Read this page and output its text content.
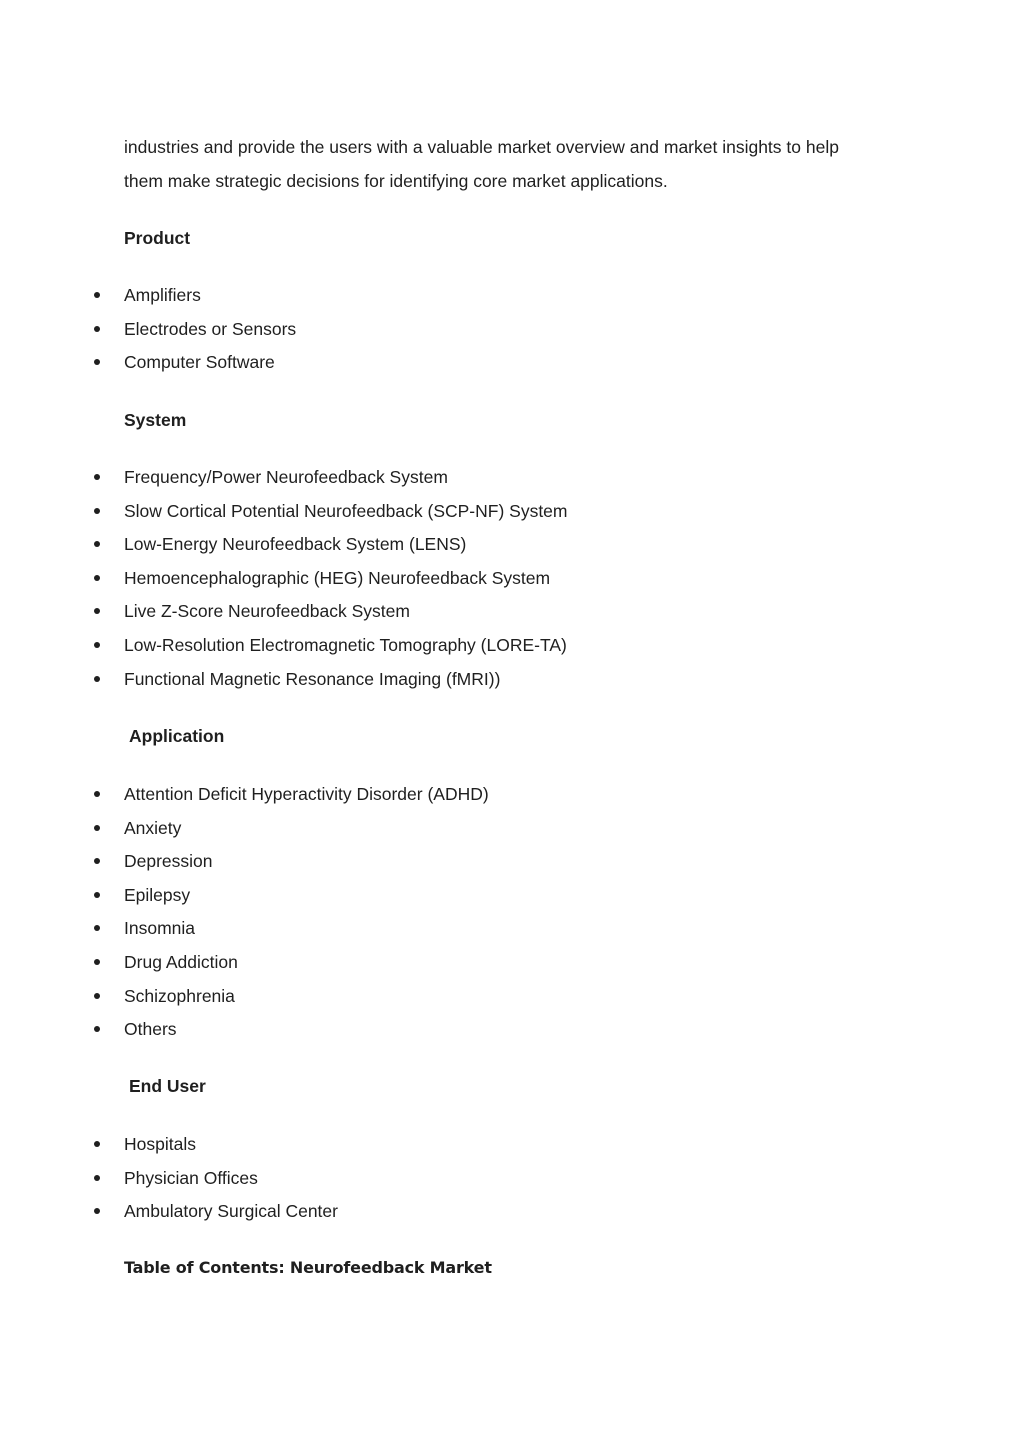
industries and provide the users with a valuable market overview and market insights to help
them make strategic decisions for identifying core market applications.

Product
Amplifiers
Electrodes or Sensors
Computer Software
System
Frequency/Power Neurofeedback System
Slow Cortical Potential Neurofeedback (SCP-NF) System
Low-Energy Neurofeedback System (LENS)
Hemoencephalographic (HEG) Neurofeedback System
Live Z-Score Neurofeedback System
Low-Resolution Electromagnetic Tomography (LORE-TA)
Functional Magnetic Resonance Imaging (fMRI))
Application
Attention Deficit Hyperactivity Disorder (ADHD)
Anxiety
Depression
Epilepsy
Insomnia
Drug Addiction
Schizophrenia
Others
End User
Hospitals
Physician Offices
Ambulatory Surgical Center
Table of Contents: Neurofeedback Market
